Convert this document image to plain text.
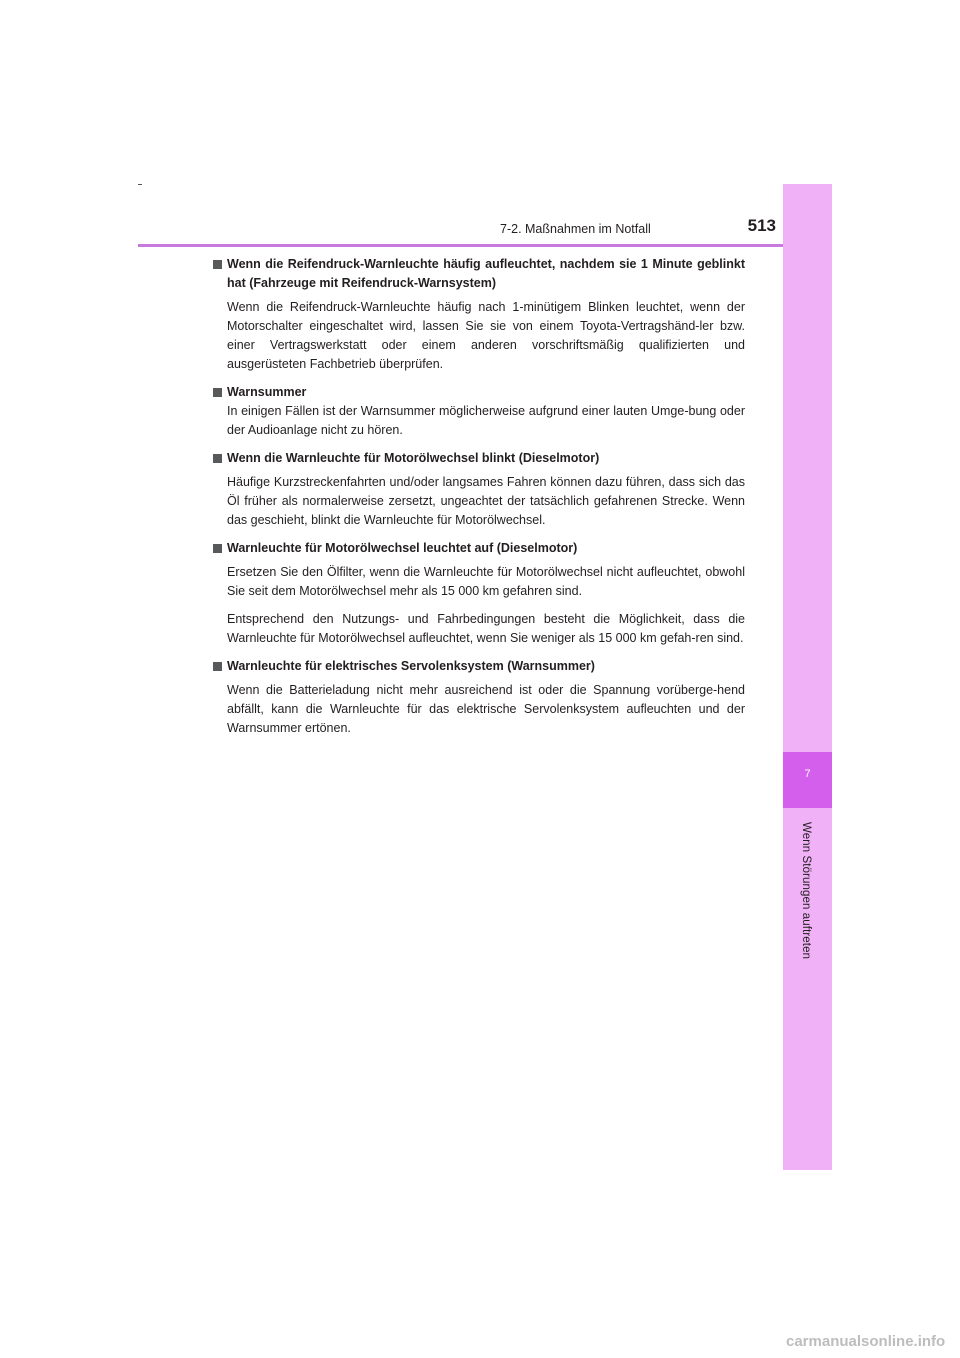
7-2. Maßnahmen im Notfall	513
7
Wenn Störungen auftreten
Wenn die Reifendruck-Warnleuchte häufig aufleuchtet, nachdem sie 1 Minute geblinkt hat (Fahrzeuge mit Reifendruck-Warnsystem)
Wenn die Reifendruck-Warnleuchte häufig nach 1-minütigem Blinken leuchtet, wenn der Motorschalter eingeschaltet wird, lassen Sie sie von einem Toyota-Vertragshänd-ler bzw. einer Vertragswerkstatt oder einem anderen vorschriftsmäßig qualifizierten und ausgerüsteten Fachbetrieb überprüfen.
Warnsummer
In einigen Fällen ist der Warnsummer möglicherweise aufgrund einer lauten Umge-bung oder der Audioanlage nicht zu hören.
Wenn die Warnleuchte für Motorölwechsel blinkt (Dieselmotor)
Häufige Kurzstreckenfahrten und/oder langsames Fahren können dazu führen, dass sich das Öl früher als normalerweise zersetzt, ungeachtet der tatsächlich gefahrenen Strecke. Wenn das geschieht, blinkt die Warnleuchte für Motorölwechsel.
Warnleuchte für Motorölwechsel leuchtet auf (Dieselmotor)
Ersetzen Sie den Ölfilter, wenn die Warnleuchte für Motorölwechsel nicht aufleuchtet, obwohl Sie seit dem Motorölwechsel mehr als 15 000 km gefahren sind.
Entsprechend den Nutzungs- und Fahrbedingungen besteht die Möglichkeit, dass die Warnleuchte für Motorölwechsel aufleuchtet, wenn Sie weniger als 15 000 km gefah-ren sind.
Warnleuchte für elektrisches Servolenksystem (Warnsummer)
Wenn die Batterieladung nicht mehr ausreichend ist oder die Spannung vorüberge-hend abfällt, kann die Warnleuchte für das elektrische Servolenksystem aufleuchten und der Warnsummer ertönen.
carmanualsonline.info
